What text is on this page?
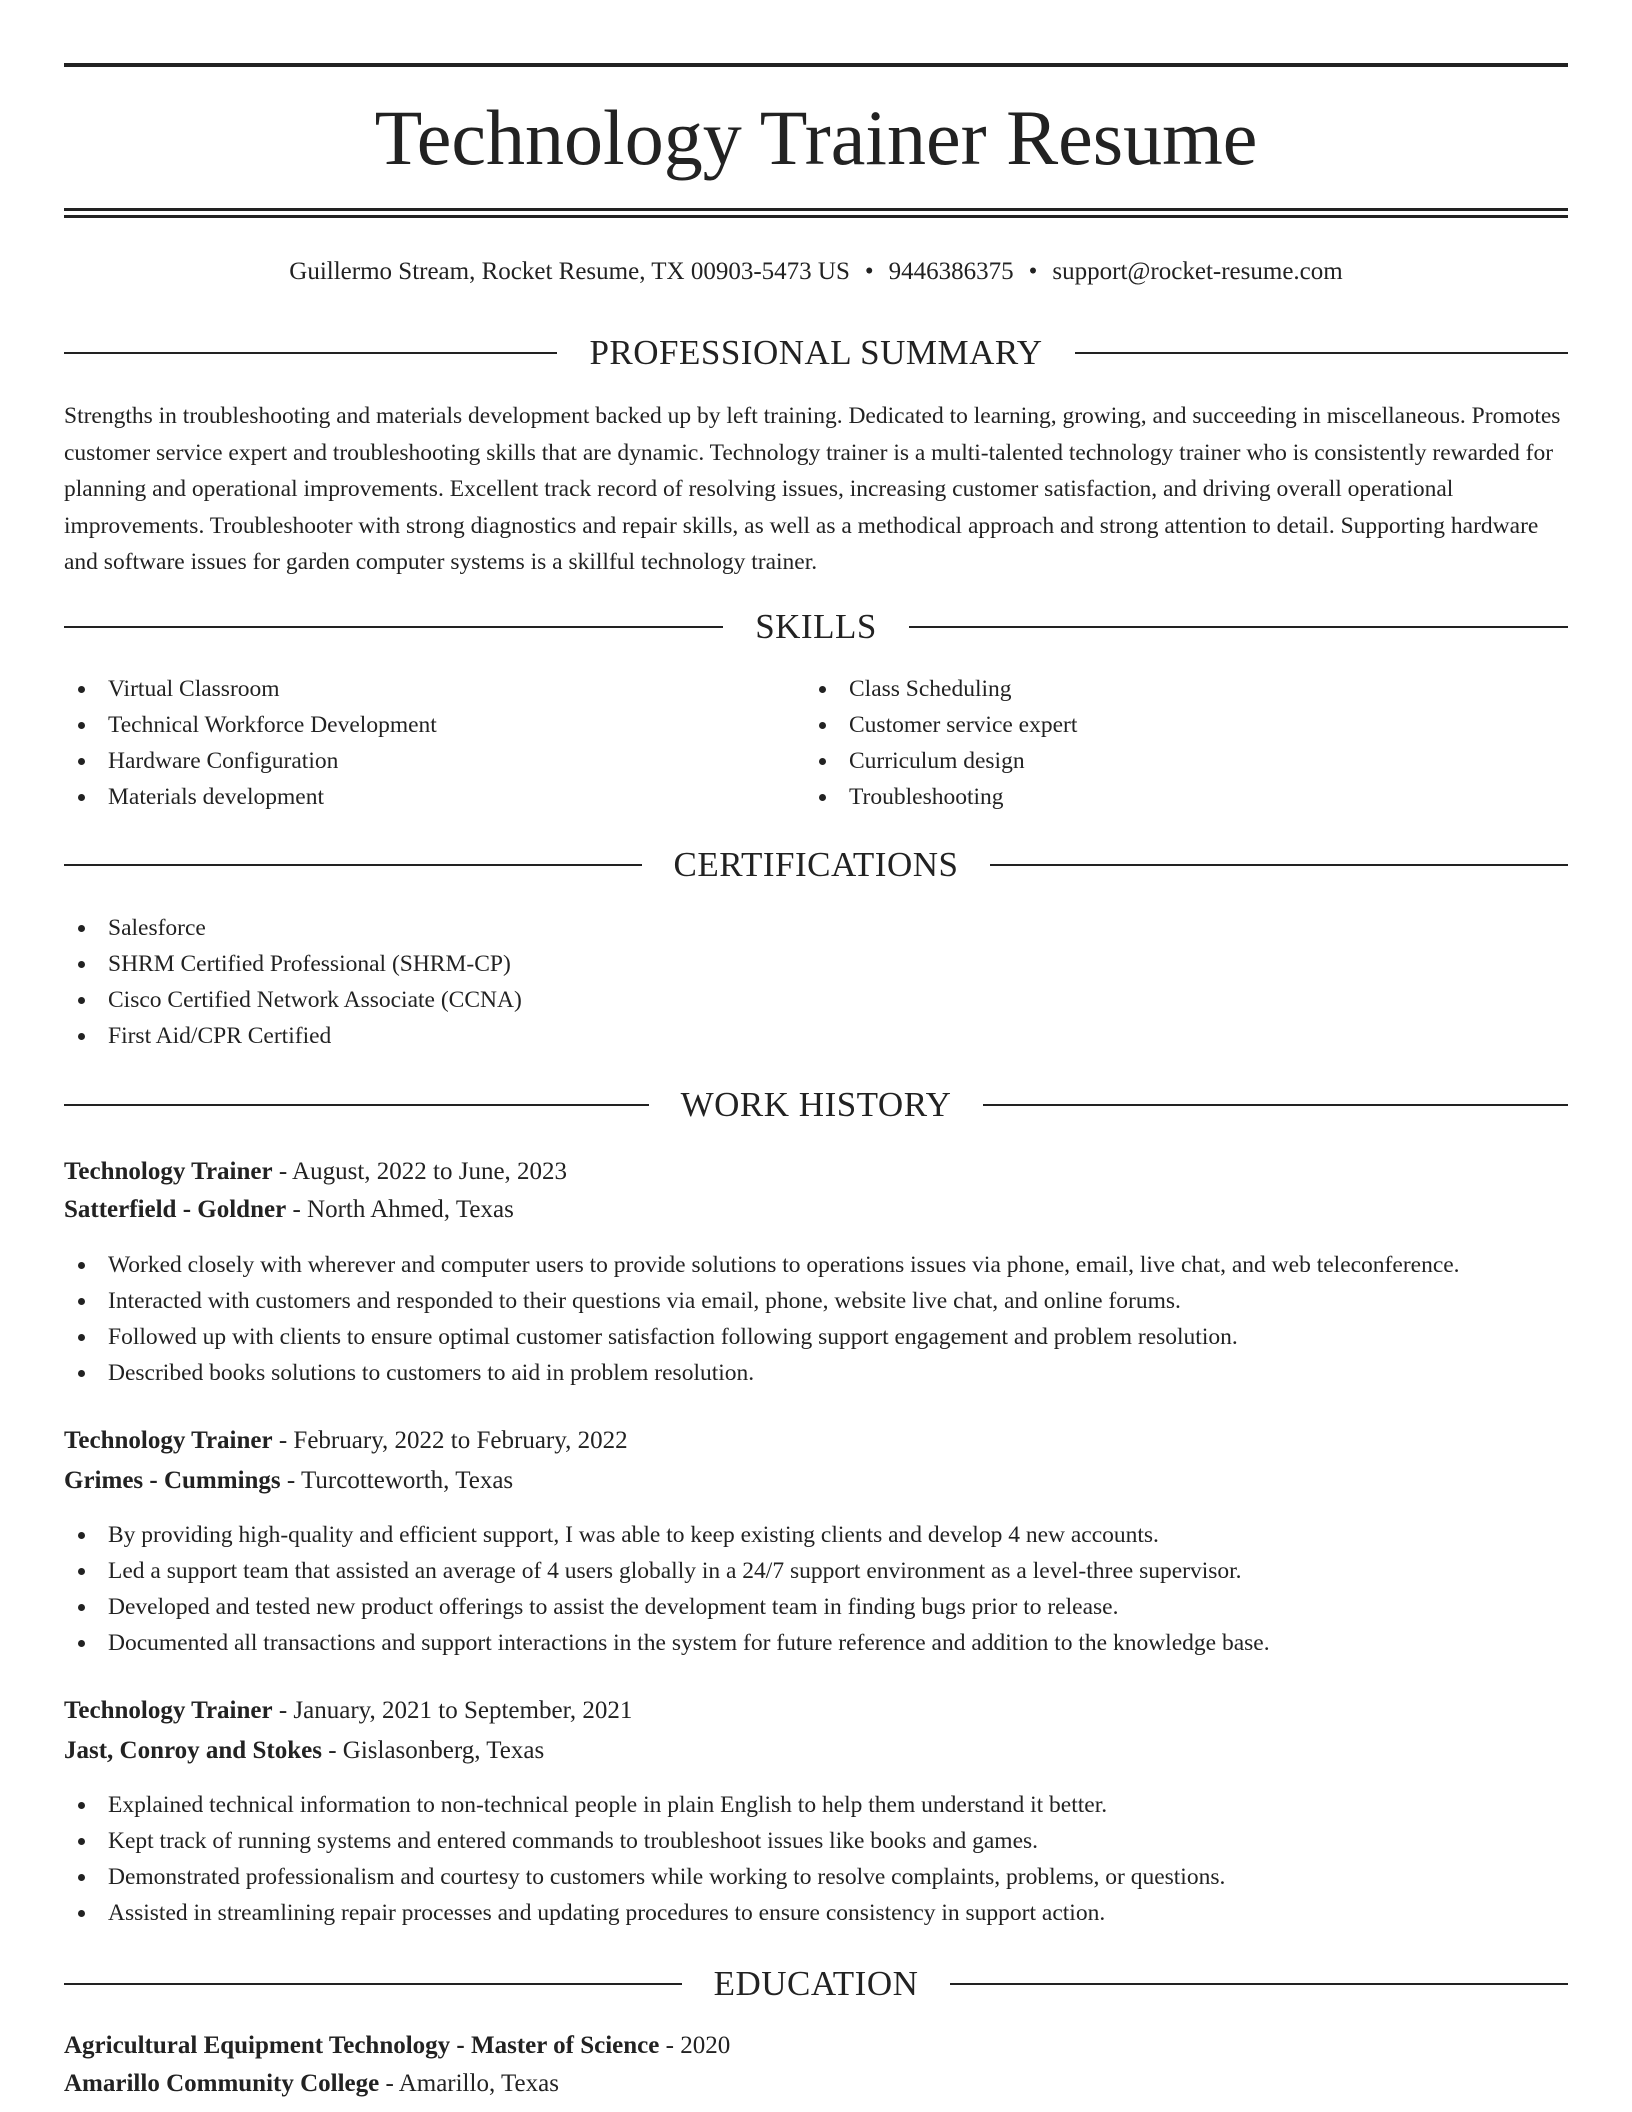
Technology Trainer Resume
Guillermo Stream, Rocket Resume, TX 00903-5473 US • 9446386375 • support@rocket-resume.com
PROFESSIONAL SUMMARY

Strengths in troubleshooting and materials development backed up by left training. Dedicated to learning, growing, and succeeding in miscellaneous. Promotes customer service expert and troubleshooting skills that are dynamic. Technology trainer is a multi-talented technology trainer who is consistently rewarded for planning and operational improvements. Excellent track record of resolving issues, increasing customer satisfaction, and driving overall operational improvements. Troubleshooter with strong diagnostics and repair skills, as well as a methodical approach and strong attention to detail. Supporting hardware and software issues for garden computer systems is a skillful technology trainer.

SKILLS
Virtual Classroom
Technical Workforce Development
Hardware Configuration
Materials development
Class Scheduling
Customer service expert
Curriculum design
Troubleshooting
CERTIFICATIONS
Salesforce
SHRM Certified Professional (SHRM-CP)
Cisco Certified Network Associate (CCNA)
First Aid/CPR Certified
WORK HISTORY
Technology Trainer - August, 2022 to June, 2023
Satterfield - Goldner - North Ahmed, Texas
Worked closely with wherever and computer users to provide solutions to operations issues via phone, email, live chat, and web teleconference.
Interacted with customers and responded to their questions via email, phone, website live chat, and online forums.
Followed up with clients to ensure optimal customer satisfaction following support engagement and problem resolution.
Described books solutions to customers to aid in problem resolution.
Technology Trainer - February, 2022 to February, 2022
Grimes - Cummings - Turcotteworth, Texas
By providing high-quality and efficient support, I was able to keep existing clients and develop 4 new accounts.
Led a support team that assisted an average of 4 users globally in a 24/7 support environment as a level-three supervisor.
Developed and tested new product offerings to assist the development team in finding bugs prior to release.
Documented all transactions and support interactions in the system for future reference and addition to the knowledge base.
Technology Trainer - January, 2021 to September, 2021
Jast, Conroy and Stokes - Gislasonberg, Texas
Explained technical information to non-technical people in plain English to help them understand it better.
Kept track of running systems and entered commands to troubleshoot issues like books and games.
Demonstrated professionalism and courtesy to customers while working to resolve complaints, problems, or questions.
Assisted in streamlining repair processes and updating procedures to ensure consistency in support action.
EDUCATION
Agricultural Equipment Technology - Master of Science - 2020
Amarillo Community College - Amarillo, Texas
